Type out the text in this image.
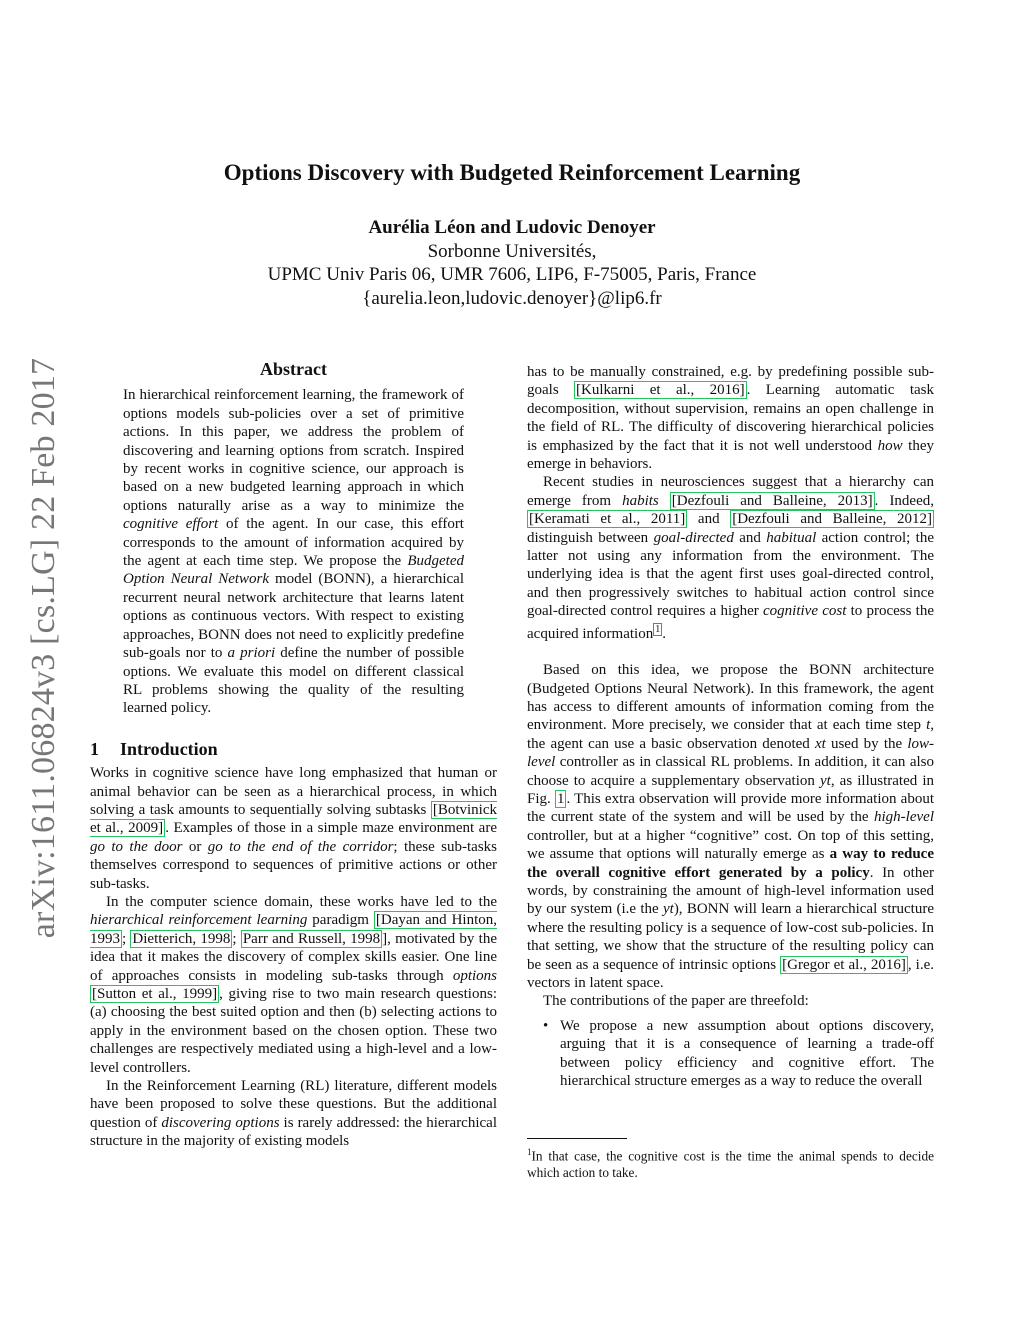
arXiv:1611.06824v3 [cs.LG] 22 Feb 2017
Options Discovery with Budgeted Reinforcement Learning
Aurélia Léon and Ludovic Denoyer
Sorbonne Universités,
UPMC Univ Paris 06, UMR 7606, LIP6, F-75005, Paris, France
{aurelia.leon,ludovic.denoyer}@lip6.fr
Abstract

In hierarchical reinforcement learning, the framework of options models sub-policies over a set of primitive actions. In this paper, we address the problem of discovering and learning options from scratch. Inspired by recent works in cognitive science, our approach is based on a new budgeted learning approach in which options naturally arise as a way to minimize the cognitive effort of the agent. In our case, this effort corresponds to the amount of information acquired by the agent at each time step. We propose the Budgeted Option Neural Network model (BONN), a hierarchical recurrent neural network architecture that learns latent options as continuous vectors. With respect to existing approaches, BONN does not need to explicitly predefine sub-goals nor to a priori define the number of possible options. We evaluate this model on different classical RL problems showing the quality of the resulting learned policy.

1 Introduction

Works in cognitive science have long emphasized that human or animal behavior can be seen as a hierarchical process, in which solving a task amounts to sequentially solving subtasks [Botvinick et al., 2009] . Examples of those in a simple maze environment are go to the door or go to the end of the corridor; these sub-tasks themselves correspond to sequences of primitive actions or other sub-tasks.

In the computer science domain, these works have led to the hierarchical reinforcement learning paradigm [Dayan and Hinton, 1993 ; Dietterich, 1998 ; Parr and Russell, 1998 ], motivated by the idea that it makes the discovery of complex skills easier. One line of approaches consists in modeling sub-tasks through options [Sutton et al., 1999] , giving rise to two main research questions: (a) choosing the best suited option and then (b) selecting actions to apply in the environment based on the chosen option. These two challenges are respectively mediated using a high-level and a low-level controllers.

In the Reinforcement Learning (RL) literature, different models have been proposed to solve these questions. But the additional question of discovering options is rarely addressed: the hierarchical structure in the majority of existing models

has to be manually constrained, e.g. by predefining possible sub-goals [Kulkarni et al., 2016] . Learning automatic task decomposition, without supervision, remains an open challenge in the field of RL. The difficulty of discovering hierarchical policies is emphasized by the fact that it is not well understood how they emerge in behaviors.

Recent studies in neurosciences suggest that a hierarchy can emerge from habits [Dezfouli and Balleine, 2013] . Indeed, [Keramati et al., 2011] and [Dezfouli and Balleine, 2012] distinguish between goal-directed and habitual action control; the latter not using any information from the environment. The underlying idea is that the agent first uses goal-directed control, and then progressively switches to habitual action control since goal-directed control requires a higher cognitive cost to process the acquired information $^1$ .

Based on this idea, we propose the BONN architecture (Budgeted Options Neural Network). In this framework, the agent has access to different amounts of information coming from the environment. More precisely, we consider that at each time step t, the agent can use a basic observation denoted xt used by the low-level controller as in classical RL problems. In addition, it can also choose to acquire a supplementary observation yt, as illustrated in Fig. 1 . This extra observation will provide more information about the current state of the system and will be used by the high-level controller, but at a higher “cognitive” cost. On top of this setting, we assume that options will naturally emerge as a way to reduce the overall cognitive effort generated by a policy. In other words, by constraining the amount of high-level information used by our system (i.e the yt), BONN will learn a hierarchical structure where the resulting policy is a sequence of low-cost sub-policies. In that setting, we show that the structure of the resulting policy can be seen as a sequence of intrinsic options [Gregor et al., 2016] , i.e. vectors in latent space.

The contributions of the paper are threefold:

• We propose a new assumption about options discovery, arguing that it is a consequence of learning a trade-off between policy efficiency and cognitive effort. The hierarchical structure emerges as a way to reduce the overall
$^1$In that case, the cognitive cost is the time the animal spends to decide which action to take.
